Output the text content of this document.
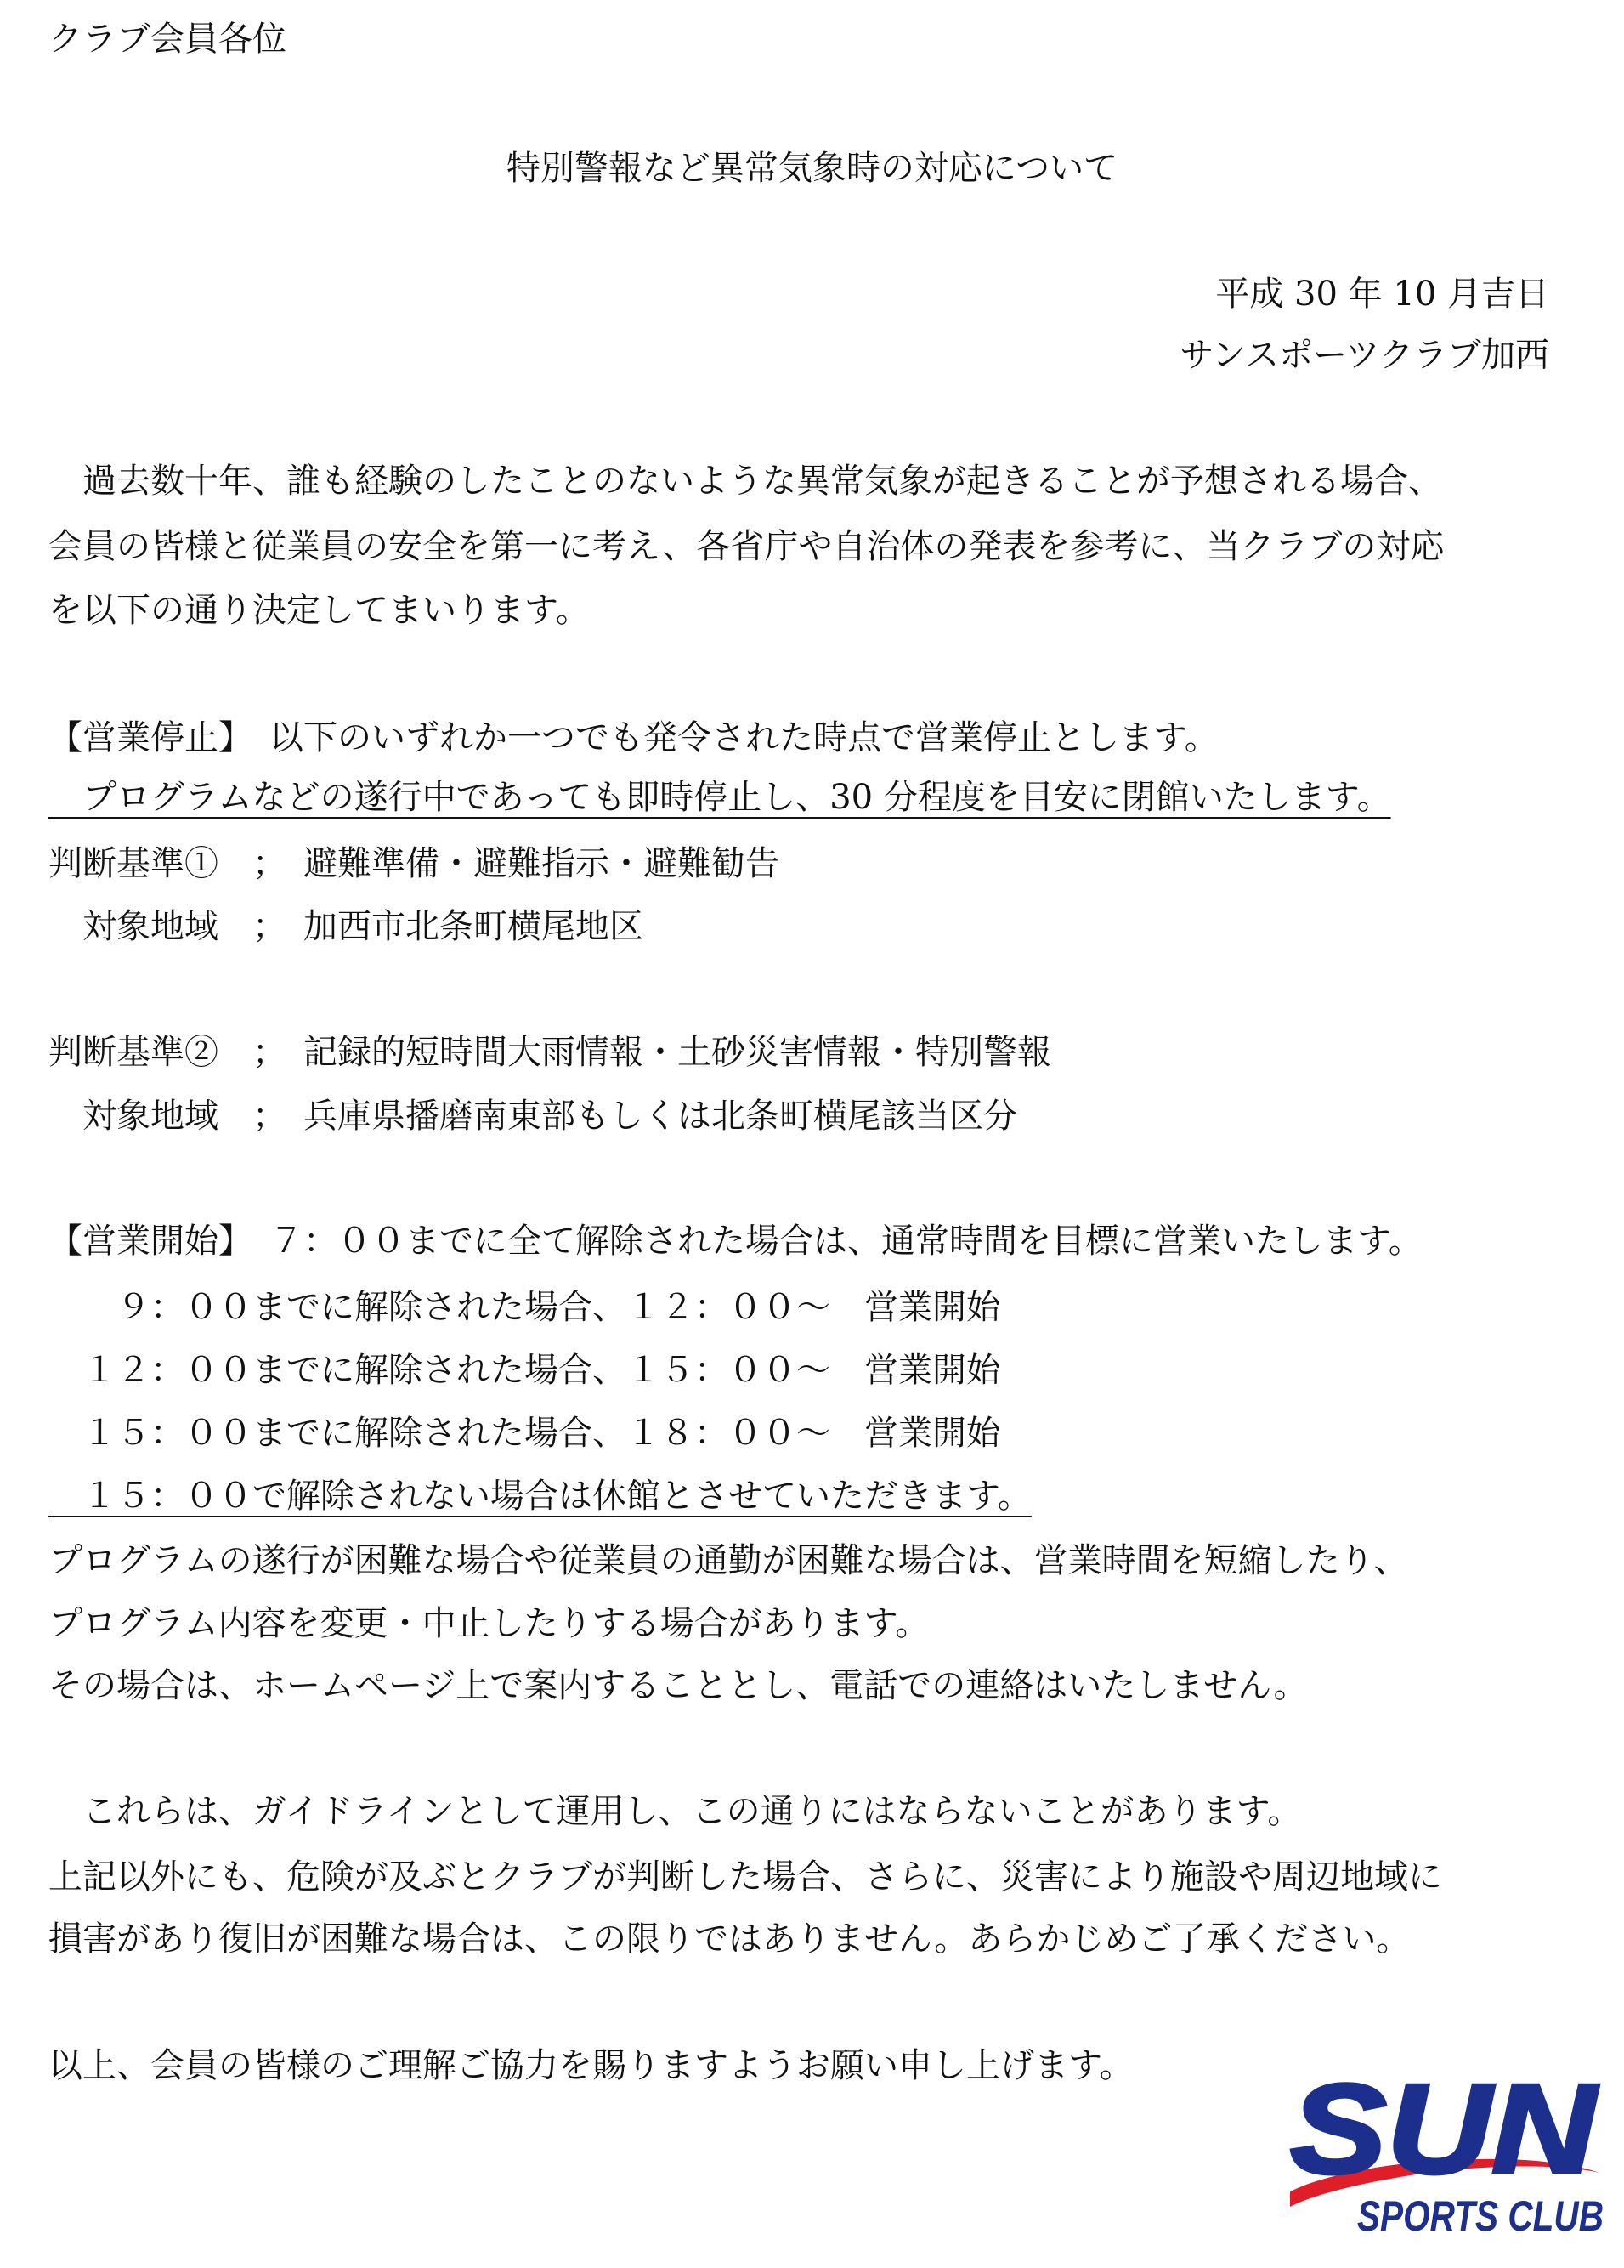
クラブ会員各位
特別警報など異常気象時の対応について
平成 30 年 10 月吉日
サンスポーツクラブ加西
　過去数十年、誰も経験のしたことのないような異常気象が起きることが予想される場合、
会員の皆様と従業員の安全を第一に考え、各省庁や自治体の発表を参考に、当クラブの対応
を以下の通り決定してまいります。
【営業停止】　以下のいずれか一つでも発令された時点で営業停止とします。
　プログラムなどの遂行中であっても即時停止し、30 分程度を目安に閉館いたします。
判断基準①　；　避難準備・避難指示・避難勧告
　対象地域　；　加西市北条町横尾地区
判断基準②　；　記録的短時間大雨情報・土砂災害情報・特別警報
　対象地域　；　兵庫県播磨南東部もしくは北条町横尾該当区分
【営業開始】　７：００までに全て解除された場合は、通常時間を目標に営業いたします。
　　９：００までに解除された場合、１２：００～　営業開始
　１２：００までに解除された場合、１５：００～　営業開始
　１５：００までに解除された場合、１８：００～　営業開始
　１５：００で解除されない場合は休館とさせていただきます。
プログラムの遂行が困難な場合や従業員の通勤が困難な場合は、営業時間を短縮したり、
プログラム内容を変更・中止したりする場合があります。
その場合は、ホームページ上で案内することとし、電話での連絡はいたしません。
　これらは、ガイドラインとして運用し、この通りにはならないことがあります。
上記以外にも、危険が及ぶとクラブが判断した場合、さらに、災害により施設や周辺地域に
損害があり復旧が困難な場合は、この限りではありません。あらかじめご了承ください。
以上、会員の皆様のご理解ご協力を賜りますようお願い申し上げます。 SUN
SPORTS CLUB
